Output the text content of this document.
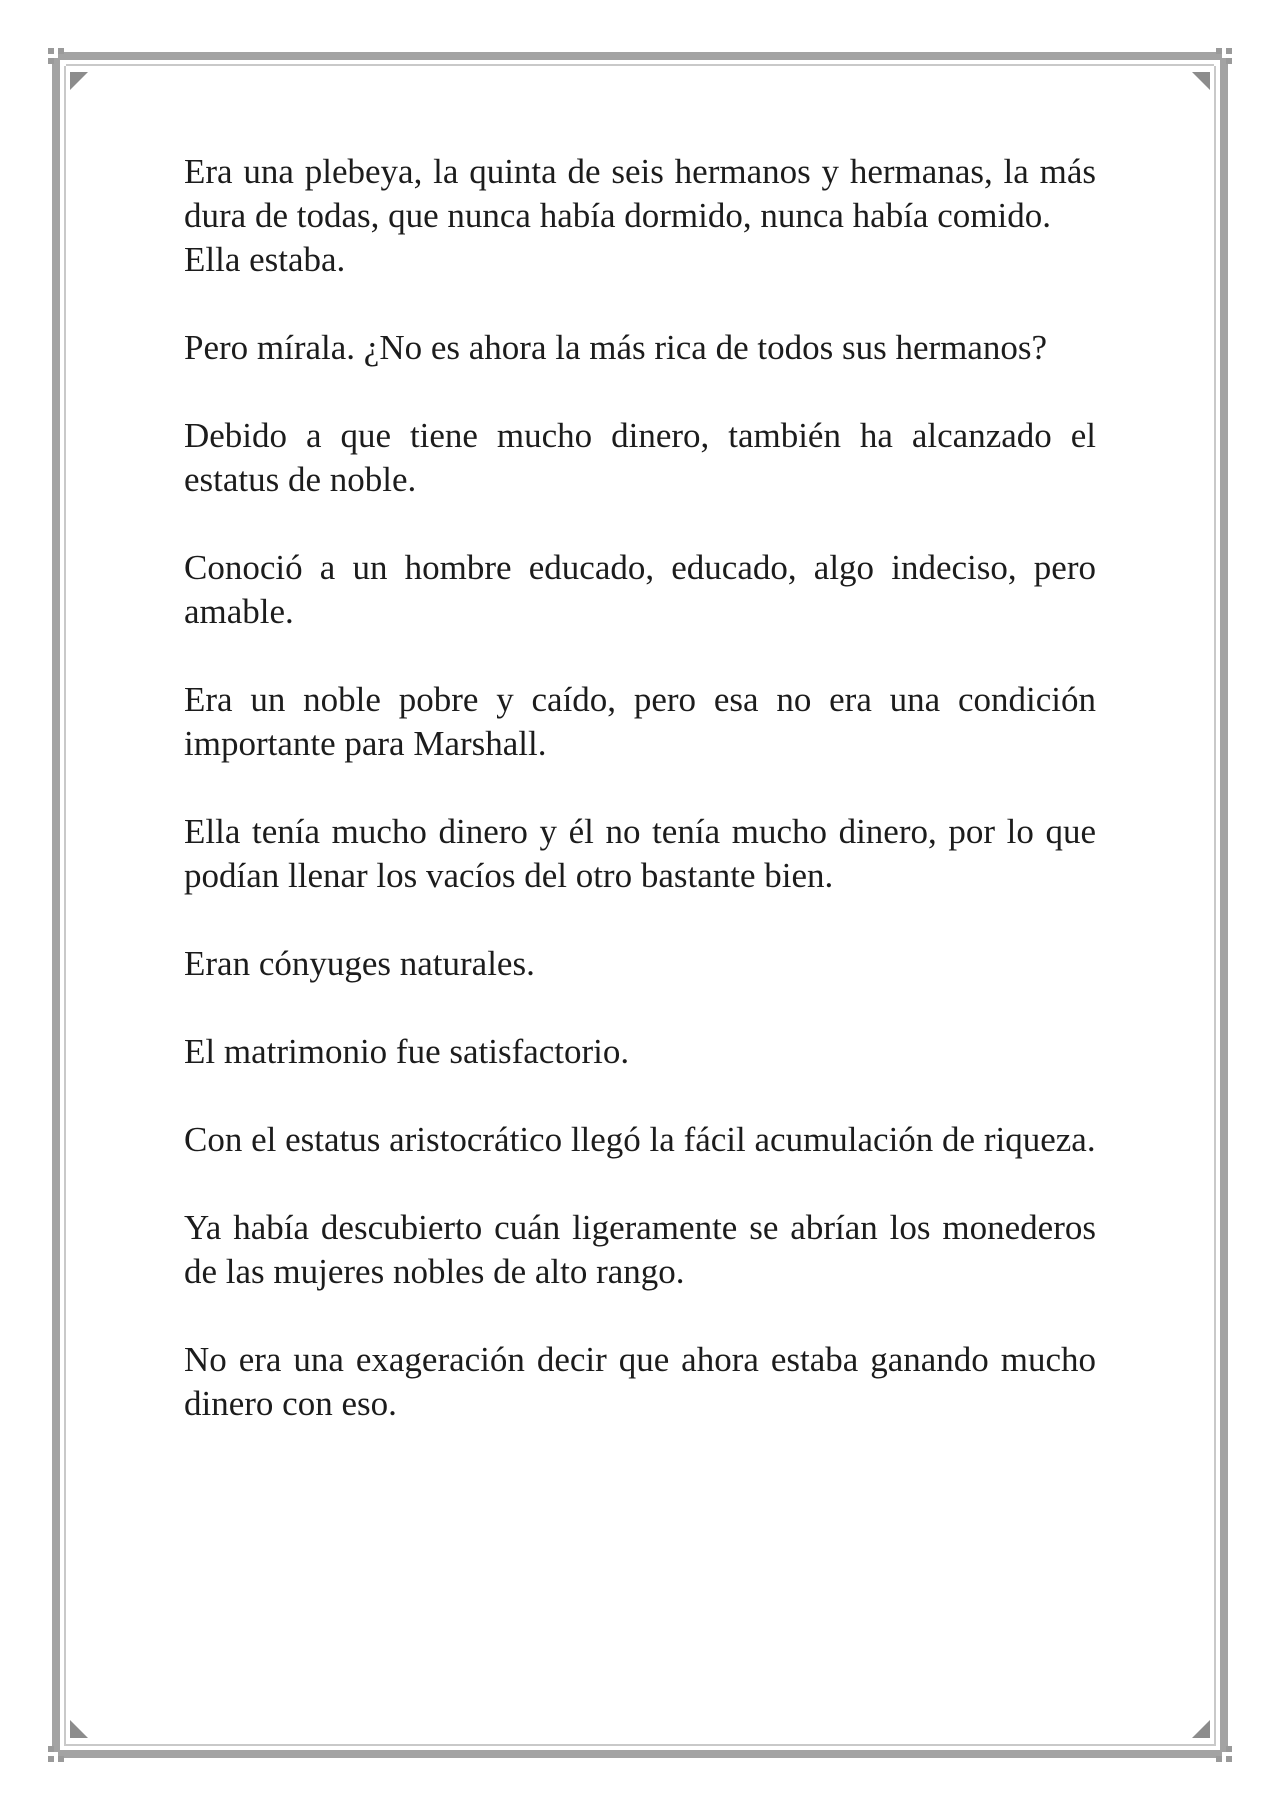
Era una plebeya, la quinta de seis hermanos y hermanas, la más dura de todas, que nunca había dormido, nunca había comido.

Ella estaba.

Pero mírala. ¿No es ahora la más rica de todos sus hermanos?

Debido a que tiene mucho dinero, también ha alcanzado el estatus de noble.

Conoció a un hombre educado, educado, algo indeciso, pero amable.

Era un noble pobre y caído, pero esa no era una condición importante para Marshall.

Ella tenía mucho dinero y él no tenía mucho dinero, por lo que podían llenar los vacíos del otro bastante bien.

Eran cónyuges naturales.

El matrimonio fue satisfactorio.

Con el estatus aristocrático llegó la fácil acumulación de riqueza.

Ya había descubierto cuán ligeramente se abrían los monederos de las mujeres nobles de alto rango.

No era una exageración decir que ahora estaba ganando mucho dinero con eso.
